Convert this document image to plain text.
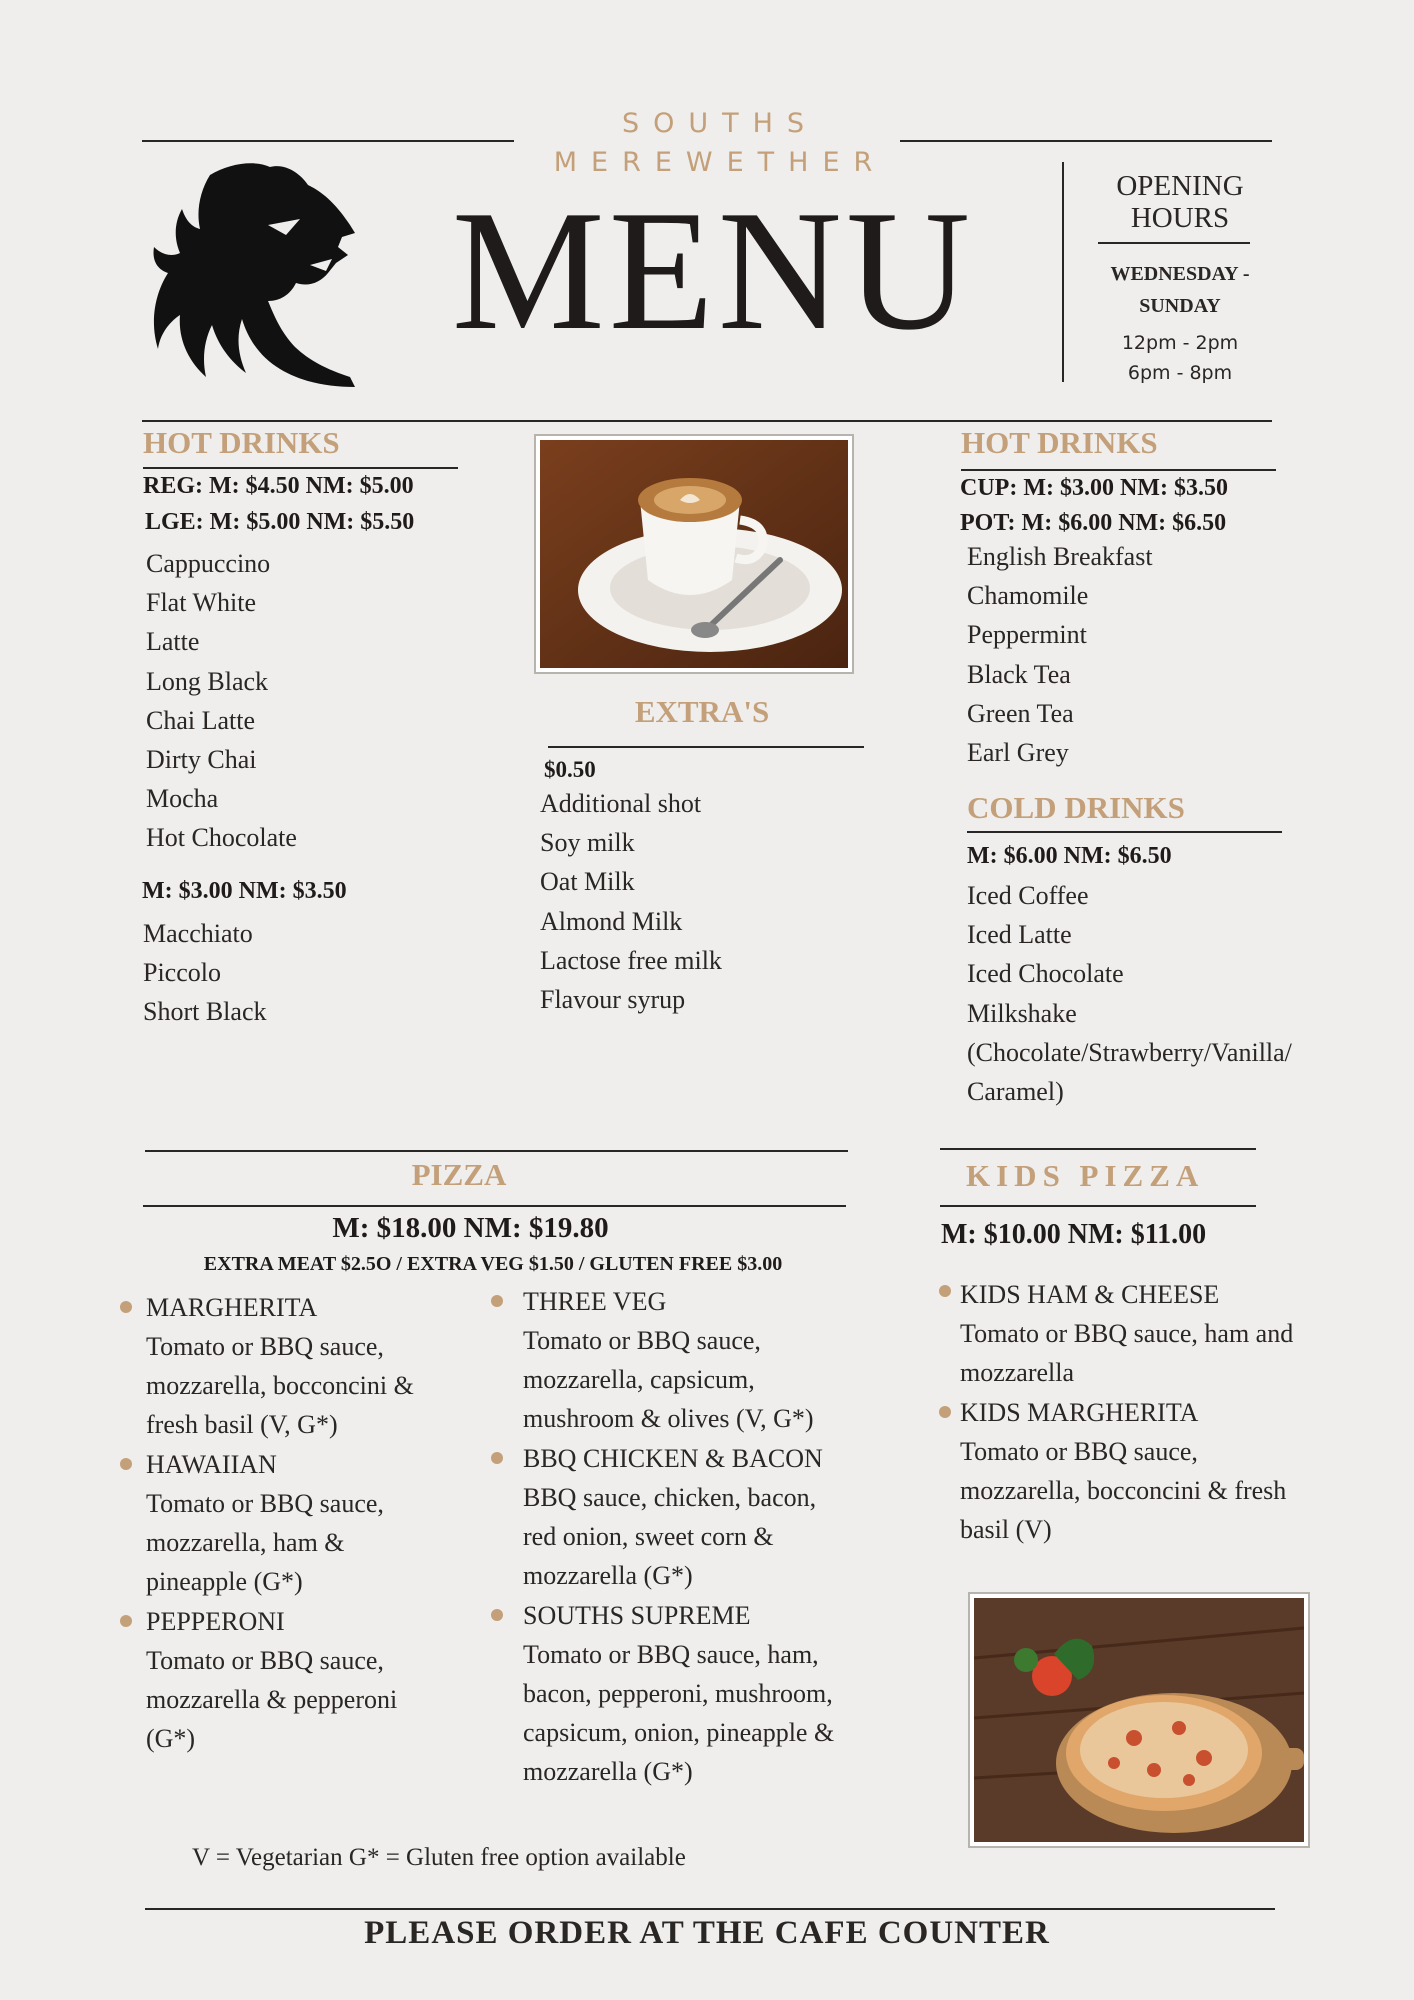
SOUTHS
MEREWETHER
MENU	OPENING HOURS
WEDNESDAY - SUNDAY
12pm - 2pm
6pm - 8pm
HOT DRINKS
REG: M: $4.50 NM: $5.00
LGE: M: $5.00 NM: $5.50
Cappuccino
Flat White
Latte
Long Black
Chai Latte
Dirty Chai
Mocha
Hot Chocolate
M: $3.00 NM: $3.50
Macchiato
Piccolo
Short Black
EXTRA'S
$0.50
Additional shot
Soy milk
Oat Milk
Almond Milk
Lactose free milk
Flavour syrup
HOT DRINKS
CUP: M: $3.00 NM: $3.50
POT: M: $6.00 NM: $6.50
English Breakfast
Chamomile
Peppermint
Black Tea
Green Tea
Earl Grey
COLD DRINKS
M: $6.00 NM: $6.50
Iced Coffee
Iced Latte
Iced Chocolate
Milkshake
(Chocolate/Strawberry/Vanilla/
Caramel)
PIZZA
M: $18.00 NM: $19.80
EXTRA MEAT $2.5O / EXTRA VEG $1.50 / GLUTEN FREE $3.00
MARGHERITA
Tomato or BBQ sauce,
mozzarella, bocconcini &
fresh basil (V, G*)
HAWAIIAN
Tomato or BBQ sauce,
mozzarella, ham &
pineapple (G*)
PEPPERONI
Tomato or BBQ sauce,
mozzarella & pepperoni
(G*)
THREE VEG
Tomato or BBQ sauce,
mozzarella, capsicum,
mushroom & olives (V, G*)
BBQ CHICKEN & BACON
BBQ sauce, chicken, bacon,
red onion, sweet corn &
mozzarella (G*)
SOUTHS SUPREME
Tomato or BBQ sauce, ham,
bacon, pepperoni, mushroom,
capsicum, onion, pineapple &
mozzarella (G*)
KIDS PIZZA
M: $10.00 NM: $11.00
KIDS HAM & CHEESE
Tomato or BBQ sauce, ham and
mozzarella
KIDS MARGHERITA
Tomato or BBQ sauce,
mozzarella, bocconcini & fresh
basil (V)
V = Vegetarian G* = Gluten free option available
PLEASE ORDER AT THE CAFE COUNTER
